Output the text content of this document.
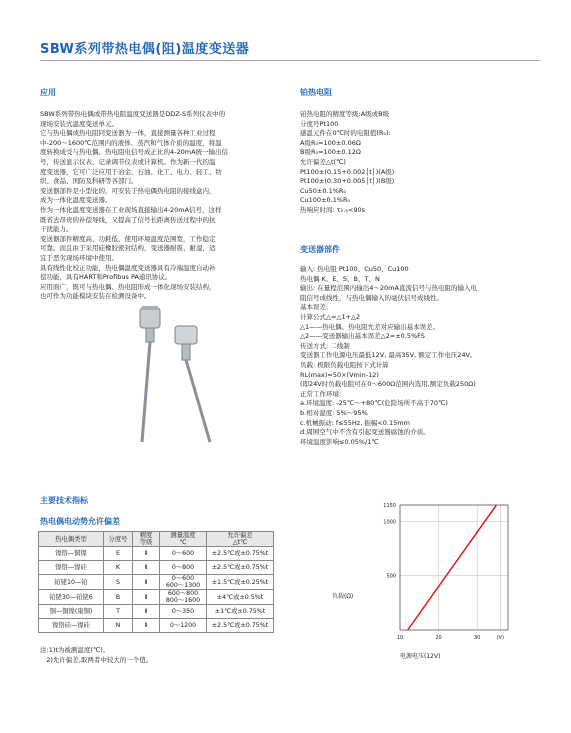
SBW系列带热电偶(阻)温度变送器
应用
SBW系列带热电偶或带热电阻温度变送器是DDZ-S系列仪表中的
现场安装式温度变送单元。
它与热电偶或热电阻同变送器为一体，直接测量各种工业过程
中-200～1600℃范围内的液体、蒸汽和气体介质的温度，将温
度转换成受与热电偶、热电阻电信号成正比的4-20mA统一输出信
号，传送显示仪表、记录调节仪表或计算机。作为新一代的温
度变送器，它可广泛应用于冶金、石油、化工、电力、轻工、纺
织、食品、国防及科研等各部门。
变送器部件是小型化的，可安装于热电偶热电阻的接线盒内，
成为一体化温度变送器。
作为一体化温度变送器在工业现场直接输出4-20mA信号，这样
既省去昂贵的补偿导线，又提高了信号长距离传送过程中的抗
干扰能力。
变送器部件精度高、功耗低、使用环境温度范围宽，工作稳定
可靠。而且由于采用硅橡胶密封结构，变送器耐震、耐湿，适
宜于恶劣现场环境中使用。
具有线性化校正功能，热电偶温度变送器具有冷端温度自动补
偿功能，具有HART和Profibus PA通讯协议。
应用面广，既可与热电偶、热电阻形成一体化现场安装结构，
也可作为功能模块安装在检测设备中。
铂热电阻
铂热电阻的精度等级:A级或B级
分度号Pt100
感温元件在0℃时的电阻值(R₀):
A级R₀=100±0.06Ω
B级R₀=100±0.12Ω
允许偏差△t(℃)
Pt100±(0.15+0.002│t│)(A级)
Pt100±(0.30+0.005│t│)(B级)
Cu50±0.1%R₀
Cu100±0.1%R₀
热响应时间: τ₀.₅<90s
变送器部件
输入: 热电阻 Pt100、Cu50、Cu100
热电偶 K、E、S、B、T、N
输出: 在量程范围内输出4～20mA直流信号与热电阻的输入电
阻信号成线性，与热电偶输入的毫伏信号成线性。
基本误差:
计算公式△=△1+△2
△1——热电偶、热电阻允差对应输出基本误差。
△2——变送器输出基本误差△2=±0.5%FS
传送方式: 二线制
变送器工作电源电压最低12V, 最高35V, 额定工作电压24V。
负载: 极限负载电阻按下式计算
RL(max)=50×(Vmin-12)
(即24V时负载电阻可在0～600Ω范围内选用,额定负载250Ω)
正常工作环境:
a.环境温度: -25℃～+80℃(危险场所不高于70℃)
b.相对湿度: 5%～95%
c.机械振动: f≤55Hz, 振幅<0.15mm
d.周围空气中不含有引起变送器腐蚀的介质。
环境温度影响≤0.05%/1℃
主要技术指标
热电偶电动势允许偏差
热电偶类型	分度号	精度
等级	测量温度
℃	允许偏差
△t℃
镍铬—铜镍	E	Ⅱ	0～600	±2.5℃或±0.75%t
镍铬—镍硅	K	Ⅱ	0～800	±2.5℃或±0.75%t
铂铑10—铂	S	Ⅱ	0～600
600～1300	±1.5℃或±0.25%t
铂铑30—铂铑6	B	Ⅱ	600～800
800～1600	±4℃或±0.5%t
铜—铜镍(康铜)	T	Ⅱ	0～350	±1℃或±0.75%t
镍铬硅—镍硅	N	Ⅱ	0～1200	±2.5℃或±0.75%t
注:1)t为被测温度(℃)。
2)允许偏差,取两者中较大的一个值。
1150
1000
500
10	20	30	(V)
负载(Ω)
电源电压(12V)
